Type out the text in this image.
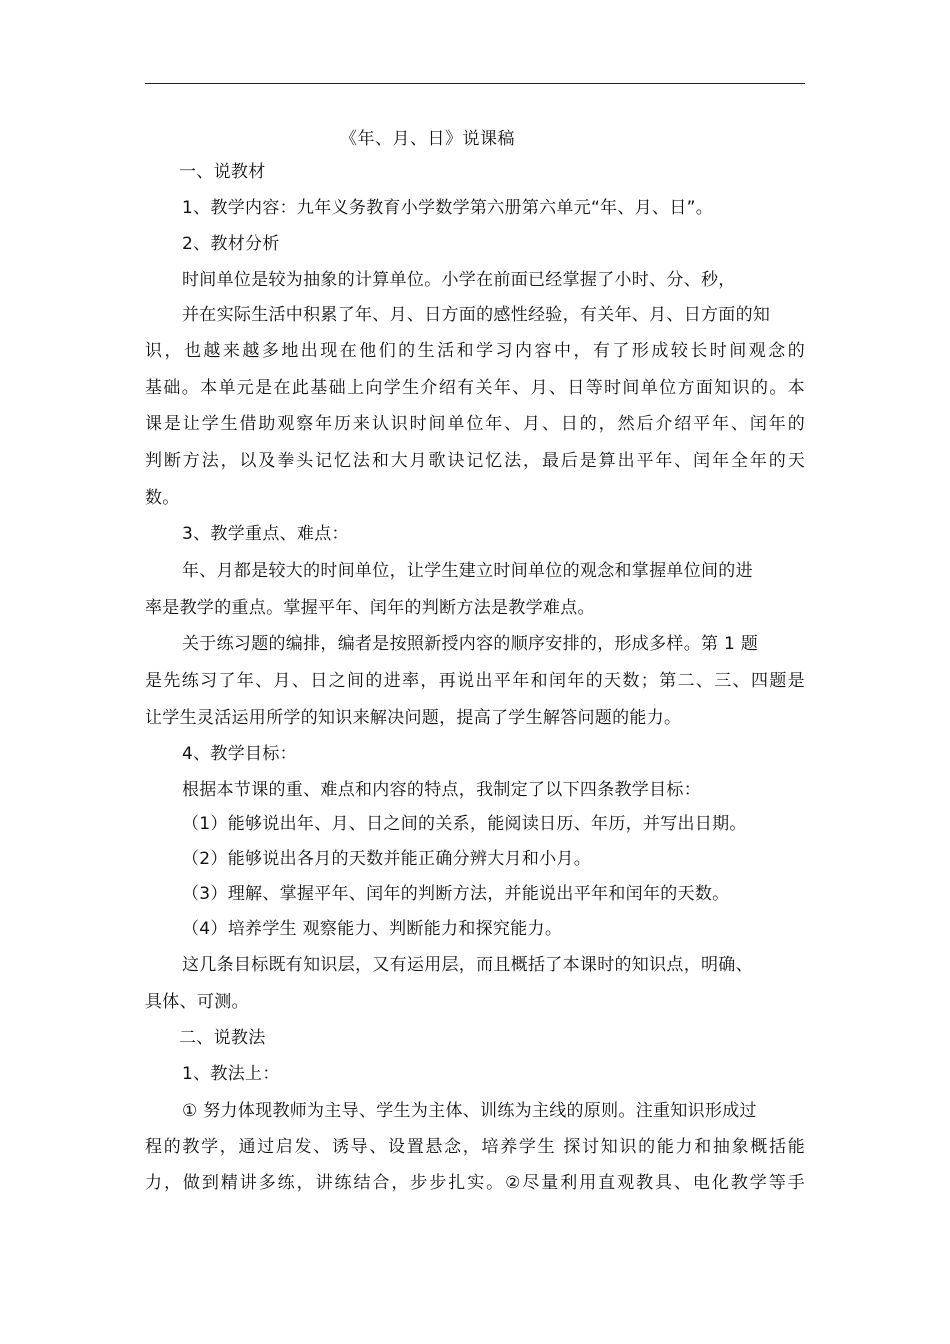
《年、月、日》说课稿
一、说教材
1、教学内容：九年义务教育小学数学第六册第六单元“年、月、日”。
2、教材分析
时间单位是较为抽象的计算单位。小学在前面已经掌握了小时、分、秒，
并在实际生活中积累了年、月、日方面的感性经验，有关年、月、日方面的知
识，也越来越多地出现在他们的生活和学习内容中，有了形成较长时间观念的
基础。本单元是在此基础上向学生介绍有关年、月、日等时间单位方面知识的。本
课是让学生借助观察年历来认识时间单位年、月、日的，然后介绍平年、闰年的
判断方法，以及拳头记忆法和大月歌诀记忆法，最后是算出平年、闰年全年的天
数。
3、教学重点、难点：
年、月都是较大的时间单位，让学生建立时间单位的观念和掌握单位间的进
率是教学的重点。掌握平年、闰年的判断方法是教学难点。
关于练习题的编排，编者是按照新授内容的顺序安排的，形成多样。第 1 题
是先练习了年、月、日之间的进率，再说出平年和闰年的天数；第二、三、四题是
让学生灵活运用所学的知识来解决问题，提高了学生解答问题的能力。
4、教学目标：
根据本节课的重、难点和内容的特点，我制定了以下四条教学目标：
（1）能够说出年、月、日之间的关系，能阅读日历、年历，并写出日期。
（2）能够说出各月的天数并能正确分辨大月和小月。
（3）理解、掌握平年、闰年的判断方法，并能说出平年和闰年的天数。
（4）培养学生 观察能力、判断能力和探究能力。
这几条目标既有知识层，又有运用层，而且概括了本课时的知识点，明确、
具体、可测。
二、说教法
1、教法上：
① 努力体现教师为主导、学生为主体、训练为主线的原则。注重知识形成过
程的教学，通过启发、诱导、设置悬念，培养学生 探讨知识的能力和抽象概括能
力，做到精讲多练，讲练结合，步步扎实。②尽量利用直观教具、电化教学等手
